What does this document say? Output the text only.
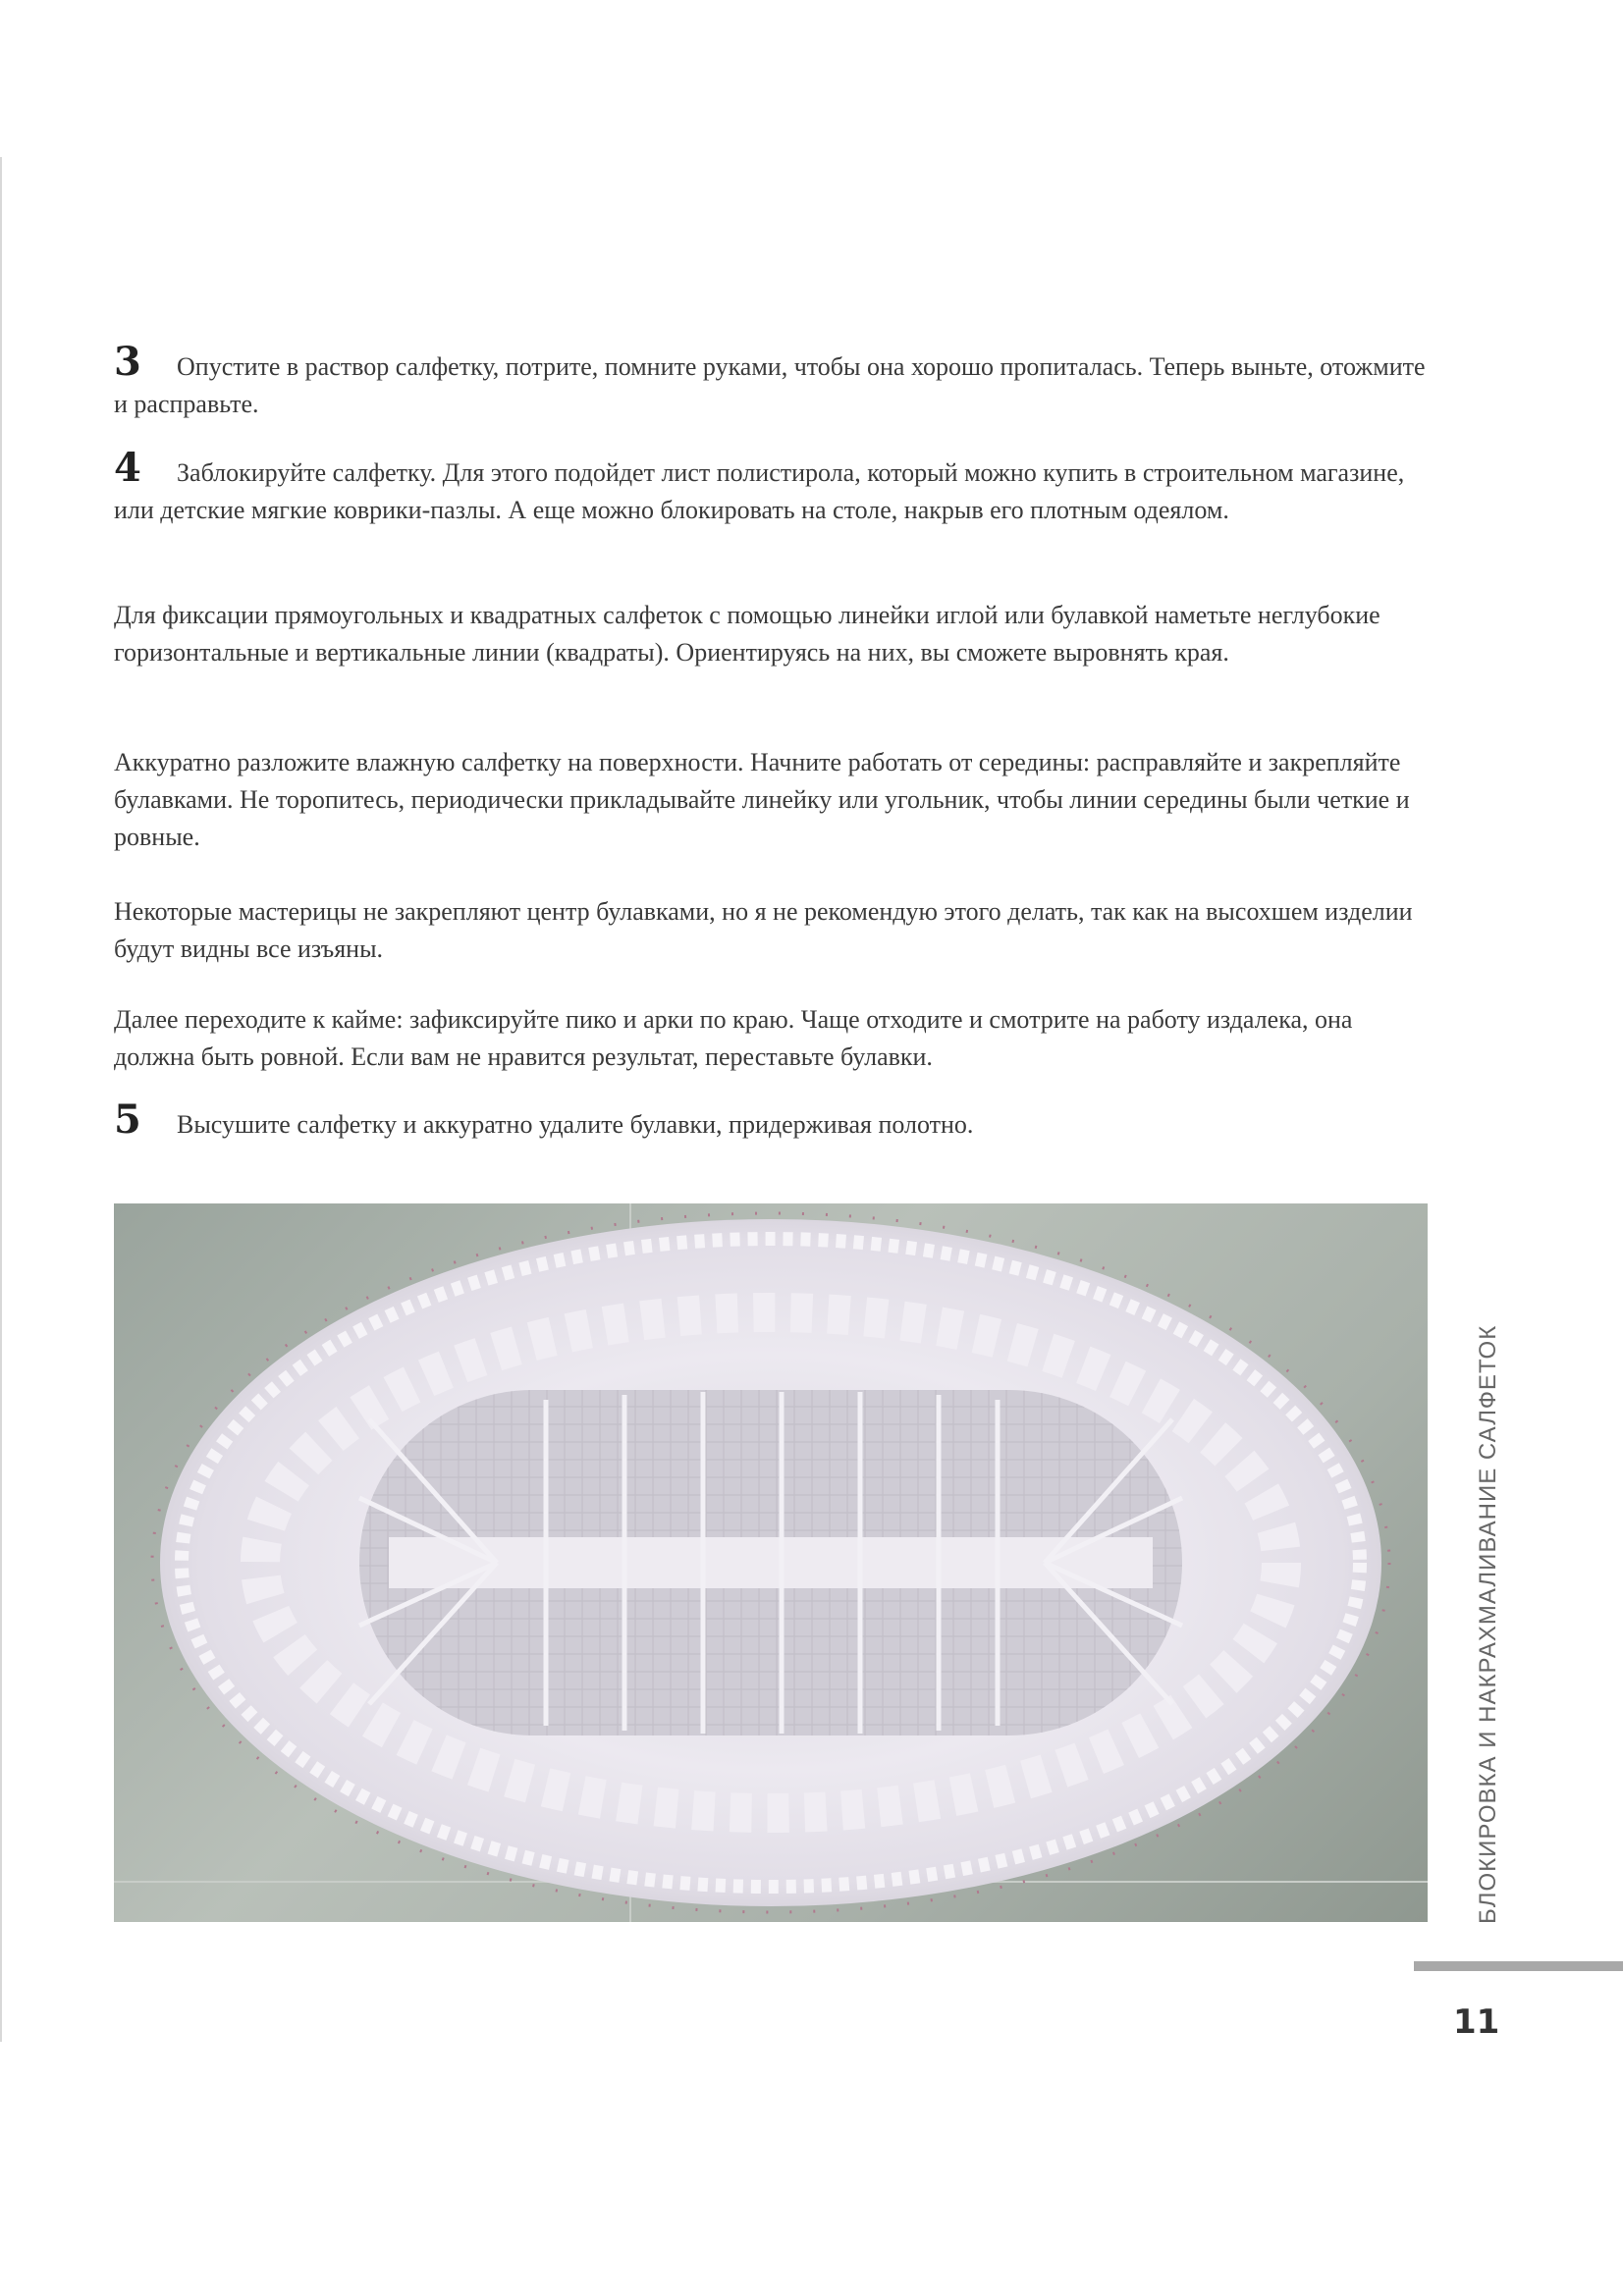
3 Опустите в раствор салфетку, потрите, помните руками, чтобы она хорошо пропиталась. Теперь выньте, отожмите и расправьте.

4 Заблокируйте салфетку. Для этого подойдет лист полистирола, который можно купить в строительном магазине, или детские мягкие коврики-пазлы. А еще можно блокировать на столе, накрыв его плотным одеялом.

Для фиксации прямоугольных и квадратных салфеток с помощью линейки иглой или булавкой наметьте неглубокие горизонтальные и вертикальные линии (квадраты). Ориентируясь на них, вы сможете выровнять края.

Аккуратно разложите влажную салфетку на поверхности. Начните работать от середины: расправляйте и закрепляйте булавками. Не торопитесь, периодически прикладывайте линейку или угольник, чтобы линии середины были четкие и ровные.

Некоторые мастерицы не закрепляют центр булавками, но я не рекомендую этого делать, так как на высохшем изделии будут видны все изъяны.

Далее переходите к кайме: зафиксируйте пико и арки по краю. Чаще отходите и смотрите на работу издалека, она должна быть ровной. Если вам не нравится результат, переставьте булавки.

5 Высушите салфетку и аккуратно удалите булавки, придерживая полотно.

БЛОКИРОВКА И НАКРАХМАЛИВАНИЕ САЛФЕТОК
11
